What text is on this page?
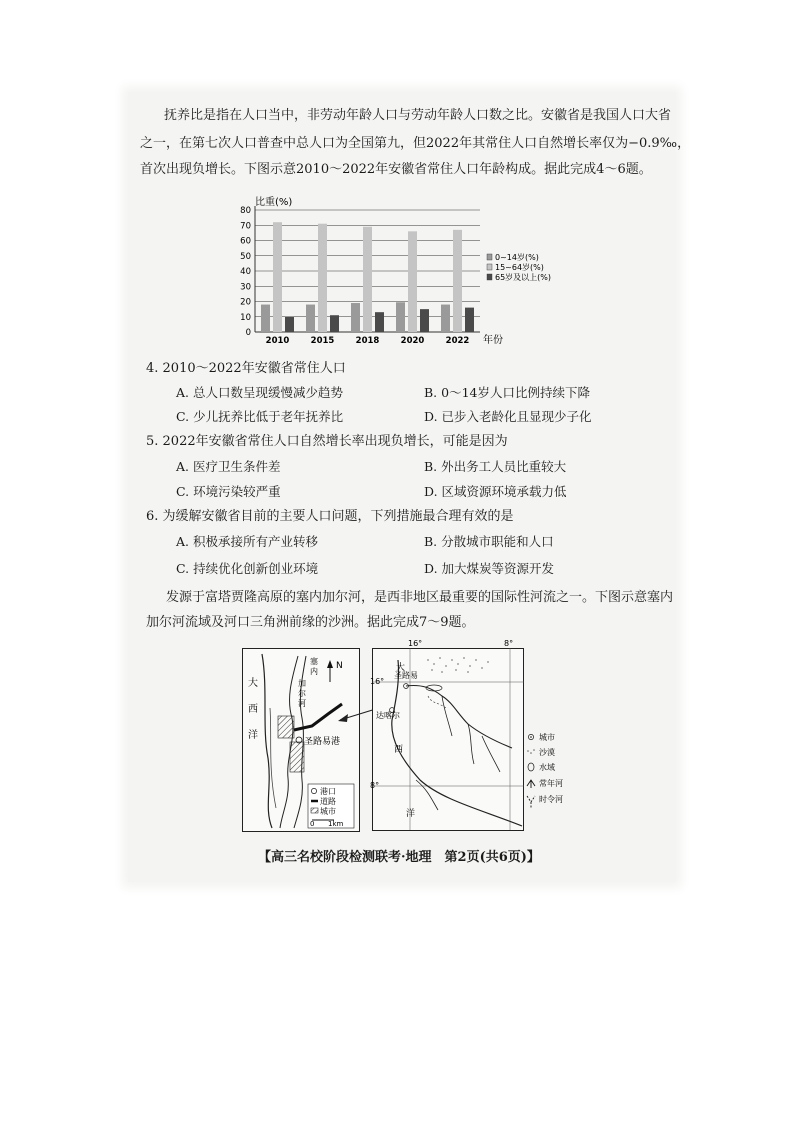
抚养比是指在人口当中，非劳动年龄人口与劳动年龄人口数之比。安徽省是我国人口大省
之一，在第七次人口普查中总人口为全国第九，但2022年其常住人口自然增长率仅为−0.9‰，
首次出现负增长。下图示意2010～2022年安徽省常住人口年龄构成。据此完成4～6题。
比重(%)
年份
0
10
20
30
40
50
60
70
80
2010	2015	2018	2020	2022
0~14岁(%)
15~64岁(%)
65岁及以上(%)
4. 2010～2022年安徽省常住人口
A. 总人口数呈现缓慢减少趋势	B. 0～14岁人口比例持续下降
C. 少儿抚养比低于老年抚养比	D. 已步入老龄化且显现少子化
5. 2022年安徽省常住人口自然增长率出现负增长，可能是因为
A. 医疗卫生条件差	B. 外出务工人员比重较大
C. 环境污染较严重	D. 区域资源环境承载力低
6. 为缓解安徽省目前的主要人口问题，下列措施最合理有效的是
A. 积极承接所有产业转移	B. 分散城市职能和人口
C. 持续优化创新创业环境	D. 加大煤炭等资源开发
发源于富塔贾隆高原的塞内加尔河，是西非地区最重要的国际性河流之一。下图示意塞内
加尔河流域及河口三角洲前缘的沙洲。据此完成7～9题。
N
大
西
洋
塞
内
加
尔
河
圣路易港
港口
道路
城市
0 1km
16°	8°
16°
8°
圣路易
达喀尔
大
西
洋
城市
沙漠
水域
常年河
时令河
【高三名校阶段检测联考·地理　第2页(共6页)】
